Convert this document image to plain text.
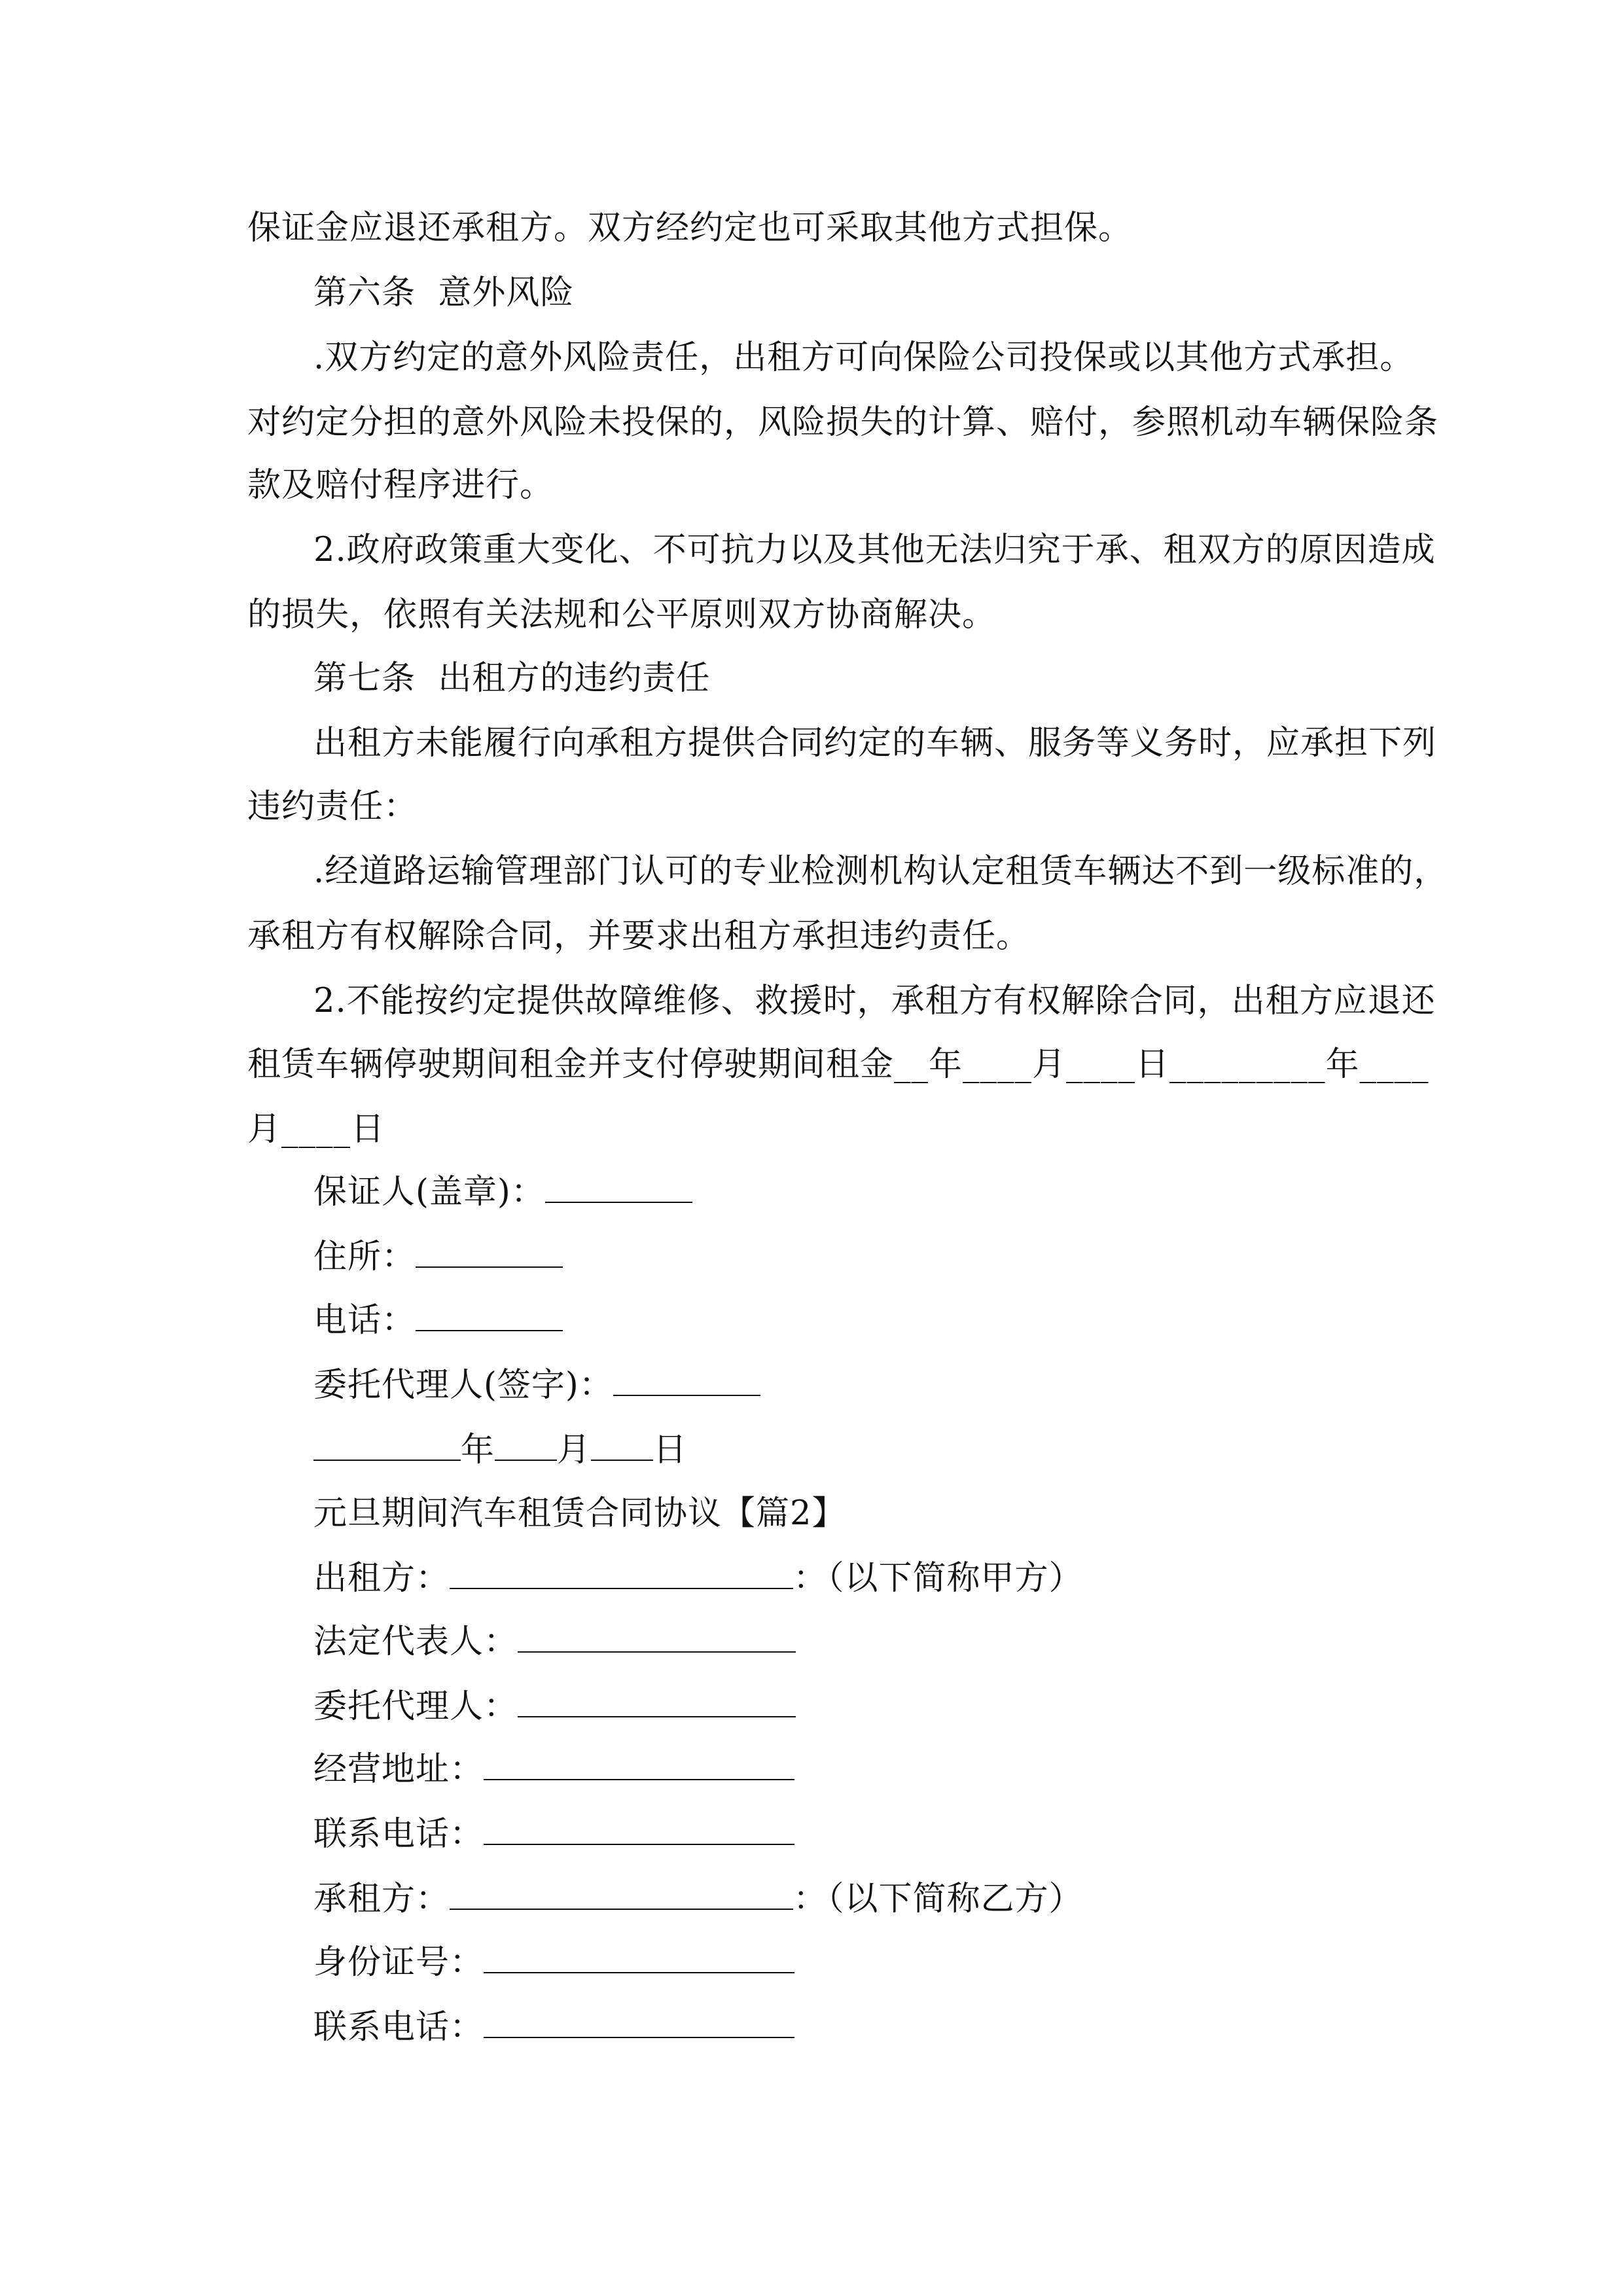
保证金应退还承租方。双方经约定也可采取其他方式担保。
第六条  意外风险
.双方约定的意外风险责任，出租方可向保险公司投保或以其他方式承担。
对约定分担的意外风险未投保的，风险损失的计算、赔付，参照机动车辆保险条
款及赔付程序进行。
2.政府政策重大变化、不可抗力以及其他无法归究于承、租双方的原因造成
的损失，依照有关法规和公平原则双方协商解决。
第七条  出租方的违约责任
出租方未能履行向承租方提供合同约定的车辆、服务等义务时，应承担下列
违约责任：
.经道路运输管理部门认可的专业检测机构认定租赁车辆达不到一级标准的，
承租方有权解除合同，并要求出租方承担违约责任。
2.不能按约定提供故障维修、救援时，承租方有权解除合同，出租方应退还
租赁车辆停驶期间租金并支付停驶期间租金__年____月____日_________年____
月____日
保证人(盖章)：
住所：
电话：
委托代理人(签字)：
年 月 日
元旦期间汽车租赁合同协议【篇2】
出租方：	：（以下简称甲方）
法定代表人：
委托代理人：
经营地址：
联系电话：
承租方：	：（以下简称乙方）
身份证号：
联系电话：
